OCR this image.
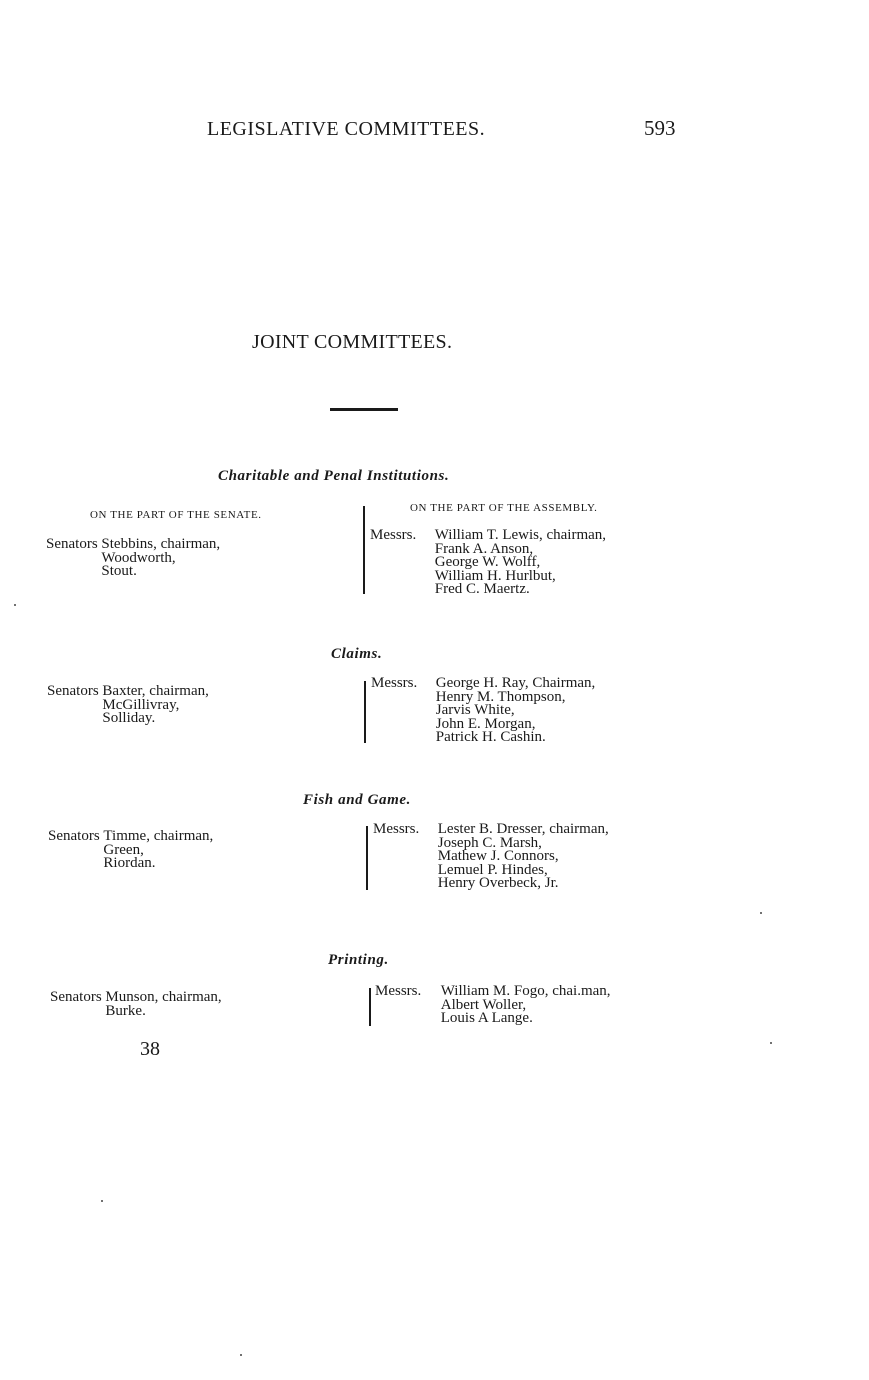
LEGISLATIVE COMMITTEES.	593
JOINT COMMITTEES.
Charitable and Penal Institutions.
ON THE PART OF THE SENATE.
ON THE PART OF THE ASSEMBLY.
Senators Stebbins, chairman,
Woodworth,
Stout.
Messrs. William T. Lewis, chairman,
Frank A. Anson,
George W. Wolff,
William H. Hurlbut,
Fred C. Maertz.
Claims.
Senators Baxter, chairman,
McGillivray,
Solliday.
Messrs. George H. Ray, Chairman,
Henry M. Thompson,
Jarvis White,
John E. Morgan,
Patrick H. Cashin.
Fish and Game.
Senators Timme, chairman,
Green,
Riordan.
Messrs. Lester B. Dresser, chairman,
Joseph C. Marsh,
Mathew J. Connors,
Lemuel P. Hindes,
Henry Overbeck, Jr.
Printing.
Senators Munson, chairman,
Burke.
Messrs. William M. Fogo, chai.man,
Albert Woller,
Louis A Lange.
38
